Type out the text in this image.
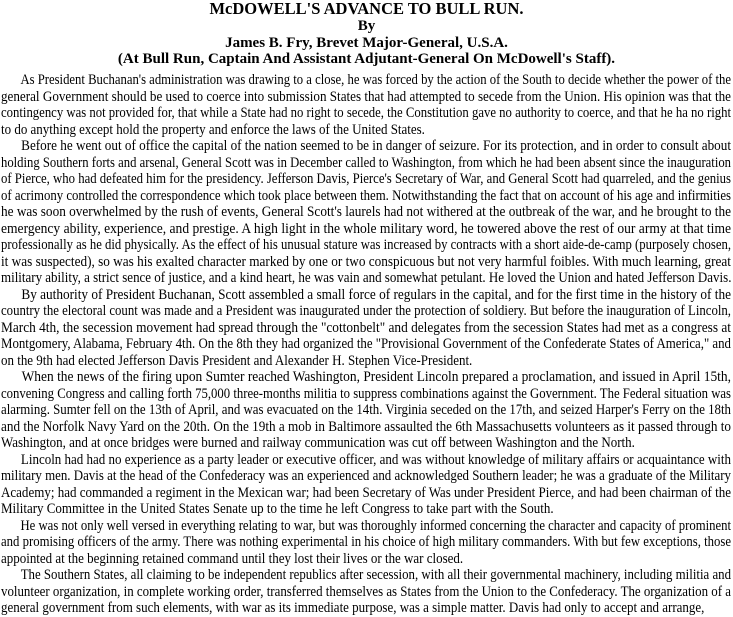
McDOWELL'S ADVANCE TO BULL RUN.
By
James B. Fry, Brevet Major-General, U.S.A.
(At Bull Run, Captain And Assistant Adjutant-General On McDowell's Staff).
As President Buchanan's administration was drawing to a close, he was forced by the action of the South to decide whether the power of the
general Government should be used to coerce into submission States that had attempted to secede from the Union. His opinion was that the
contingency was not provided for, that while a State had no right to secede, the Constitution gave no authority to coerce, and that he ha no right
to do anything except hold the property and enforce the laws of the United States.
Before he went out of office the capital of the nation seemed to be in danger of seizure. For its protection, and in order to consult about
holding Southern forts and arsenal, General Scott was in December called to Washington, from which he had been absent since the inauguration
of Pierce, who had defeated him for the presidency. Jefferson Davis, Pierce's Secretary of War, and General Scott had quarreled, and the genius
of acrimony controlled the correspondence which took place between them. Notwithstanding the fact that on account of his age and infirmities
he was soon overwhelmed by the rush of events, General Scott's laurels had not withered at the outbreak of the war, and he brought to the
emergency ability, experience, and prestige. A high light in the whole military word, he towered above the rest of our army at that time
professionally as he did physically. As the effect of his unusual stature was increased by contracts with a short aide-de-camp (purposely chosen,
it was suspected), so was his exalted character marked by one or two conspicuous but not very harmful foibles. With much learning, great
military ability, a strict sence of justice, and a kind heart, he was vain and somewhat petulant. He loved the Union and hated Jefferson Davis.
By authority of President Buchanan, Scott assembled a small force of regulars in the capital, and for the first time in the history of the
country the electoral count was made and a President was inaugurated under the protection of soldiery. But before the inauguration of Lincoln,
March 4th, the secession movement had spread through the "cottonbelt" and delegates from the secession States had met as a congress at
Montgomery, Alabama, February 4th. On the 8th they had organized the "Provisional Government of the Confederate States of America," and
on the 9th had elected Jefferson Davis President and Alexander H. Stephen Vice-President.
When the news of the firing upon Sumter reached Washington, President Lincoln prepared a proclamation, and issued in April 15th,
convening Congress and calling forth 75,000 three-months militia to suppress combinations against the Government. The Federal situation was
alarming. Sumter fell on the 13th of April, and was evacuated on the 14th. Virginia seceded on the 17th, and seized Harper's Ferry on the 18th
and the Norfolk Navy Yard on the 20th. On the 19th a mob in Baltimore assaulted the 6th Massachusetts volunteers as it passed through to
Washington, and at once bridges were burned and railway communication was cut off between Washington and the North.
Lincoln had had no experience as a party leader or executive officer, and was without knowledge of military affairs or acquaintance with
military men. Davis at the head of the Confederacy was an experienced and acknowledged Southern leader; he was a graduate of the Military
Academy; had commanded a regiment in the Mexican war; had been Secretary of Was under President Pierce, and had been chairman of the
Military Committee in the United States Senate up to the time he left Congress to take part with the South.
He was not only well versed in everything relating to war, but was thoroughly informed concerning the character and capacity of prominent
and promising officers of the army. There was nothing experimental in his choice of high military commanders. With but few exceptions, those
appointed at the beginning retained command until they lost their lives or the war closed.
The Southern States, all claiming to be independent republics after secession, with all their governmental machinery, including militia and
volunteer organization, in complete working order, transferred themselves as States from the Union to the Confederacy. The organization of a
general government from such elements, with war as its immediate purpose, was a simple matter. Davis had only to accept and arrange,
